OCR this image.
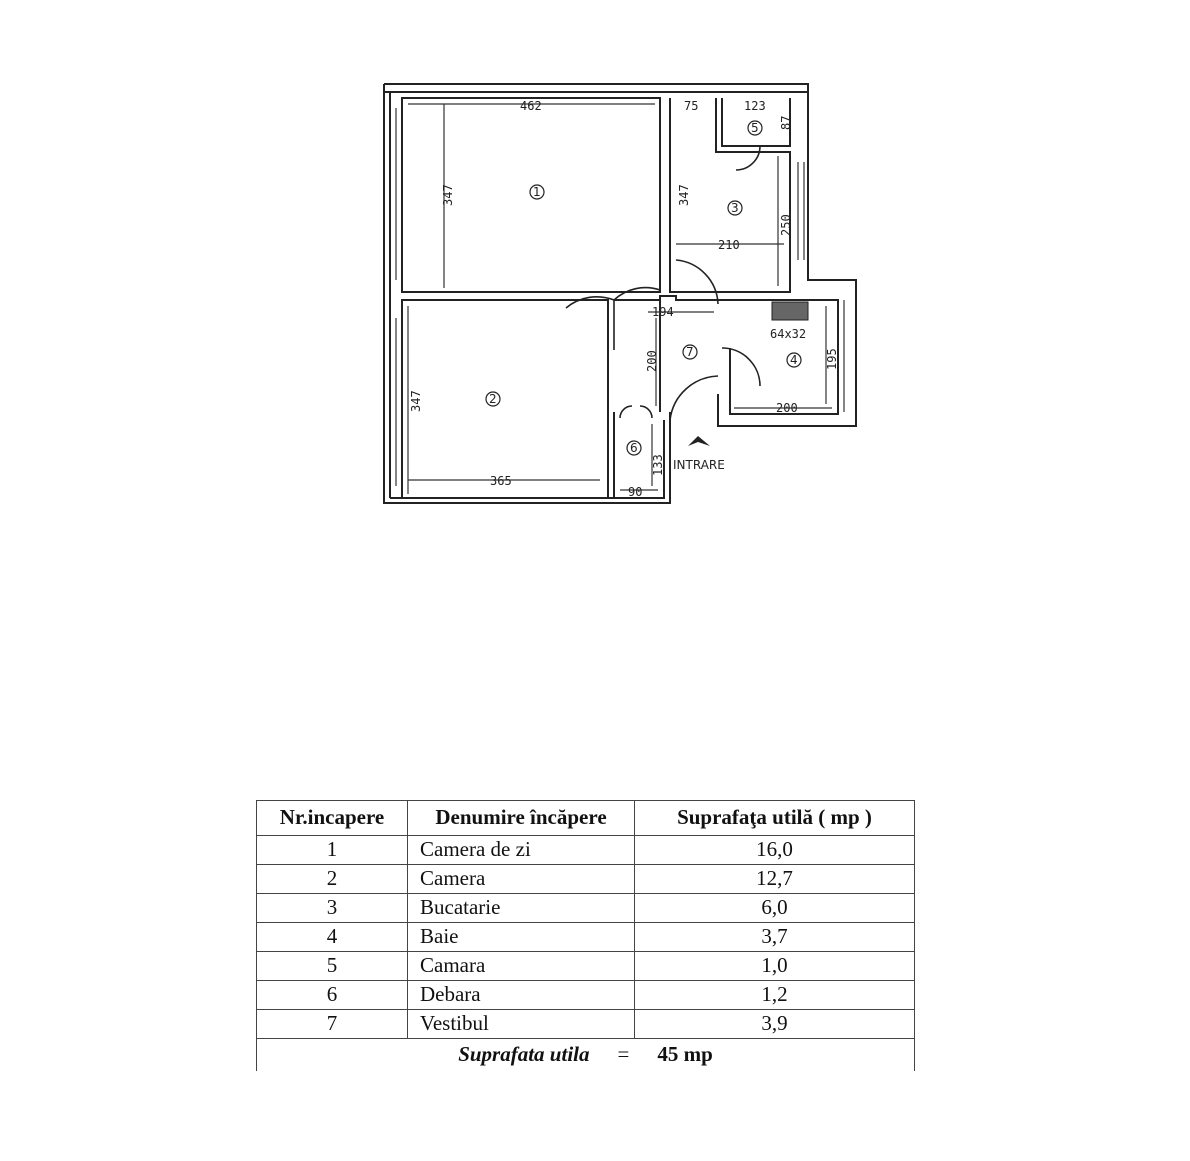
462
347	1
365
347	2
210
347
250
75
3
123
87
5
194
200 7
64x32
195
200
4
90
133
6
INTRARE
Nr.incapere	Denumire încăpere	Suprafaţa utilă ( mp )
1	Camera de zi	16,0
2	Camera	12,7
3	Bucatarie	6,0
4	Baie	3,7
5	Camara	1,0
6	Debara	1,2
7	Vestibul	3,9
Suprafata utila = 45 mp		
